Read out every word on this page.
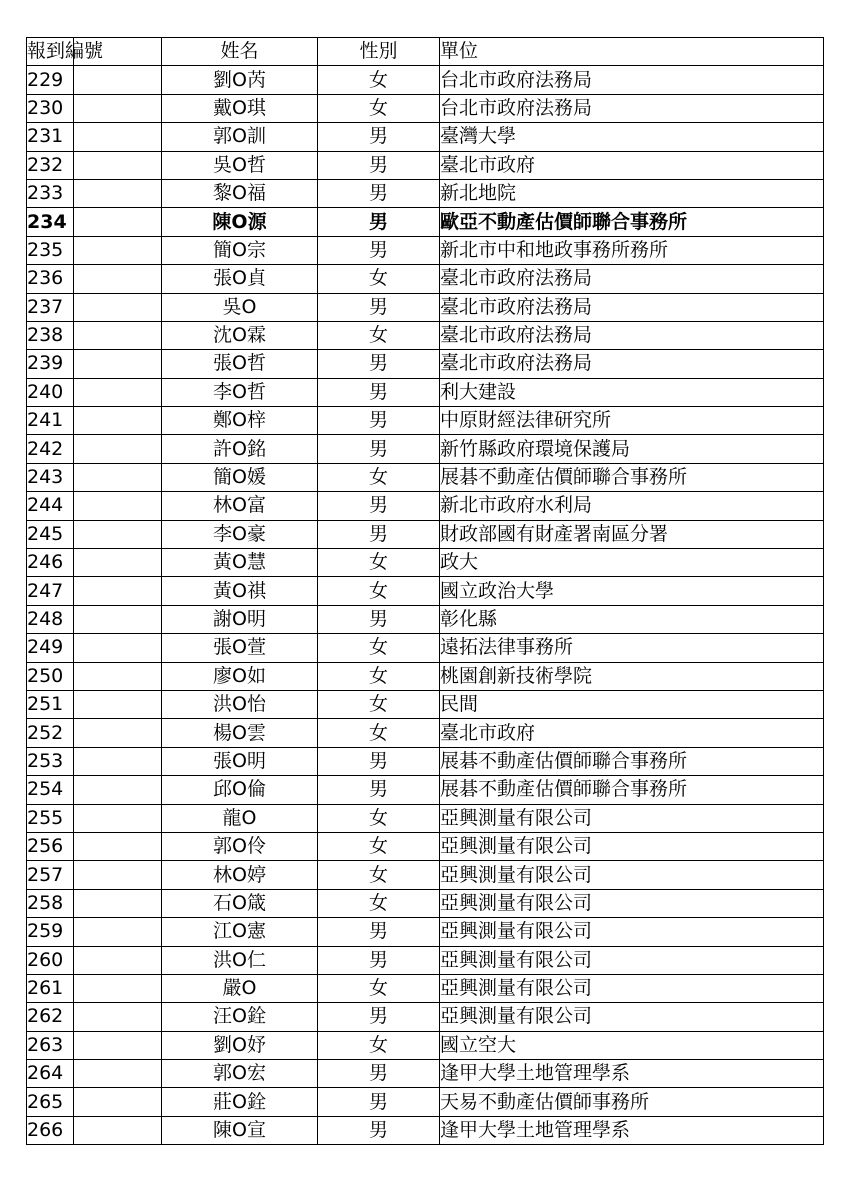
報到編號		姓名	性別	單位
229		劉O芮	女	台北市政府法務局
230		戴O琪	女	台北市政府法務局
231		郭O訓	男	臺灣大學
232		吳O哲	男	臺北市政府
233		黎O福	男	新北地院
234		陳O源	男	歐亞不動產估價師聯合事務所
235		簡O宗	男	新北市中和地政事務所務所
236		張O貞	女	臺北市政府法務局
237		吳O	男	臺北市政府法務局
238		沈O霖	女	臺北市政府法務局
239		張O哲	男	臺北市政府法務局
240		李O哲	男	利大建設
241		鄭O梓	男	中原財經法律研究所
242		許O銘	男	新竹縣政府環境保護局
243		簡O媛	女	展碁不動產估價師聯合事務所
244		林O富	男	新北市政府水利局
245		李O豪	男	財政部國有財產署南區分署
246		黃O慧	女	政大
247		黃O祺	女	國立政治大學
248		謝O明	男	彰化縣
249		張O萱	女	遠拓法律事務所
250		廖O如	女	桃園創新技術學院
251		洪O怡	女	民間
252		楊O雲	女	臺北市政府
253		張O明	男	展碁不動產估價師聯合事務所
254		邱O倫	男	展碁不動產估價師聯合事務所
255		龍O	女	亞興測量有限公司
256		郭O伶	女	亞興測量有限公司
257		林O婷	女	亞興測量有限公司
258		石O箴	女	亞興測量有限公司
259		江O憲	男	亞興測量有限公司
260		洪O仁	男	亞興測量有限公司
261		嚴O	女	亞興測量有限公司
262		汪O銓	男	亞興測量有限公司
263		劉O妤	女	國立空大
264		郭O宏	男	逢甲大學土地管理學系
265		莊O銓	男	天易不動產估價師事務所
266		陳O宣	男	逢甲大學土地管理學系
